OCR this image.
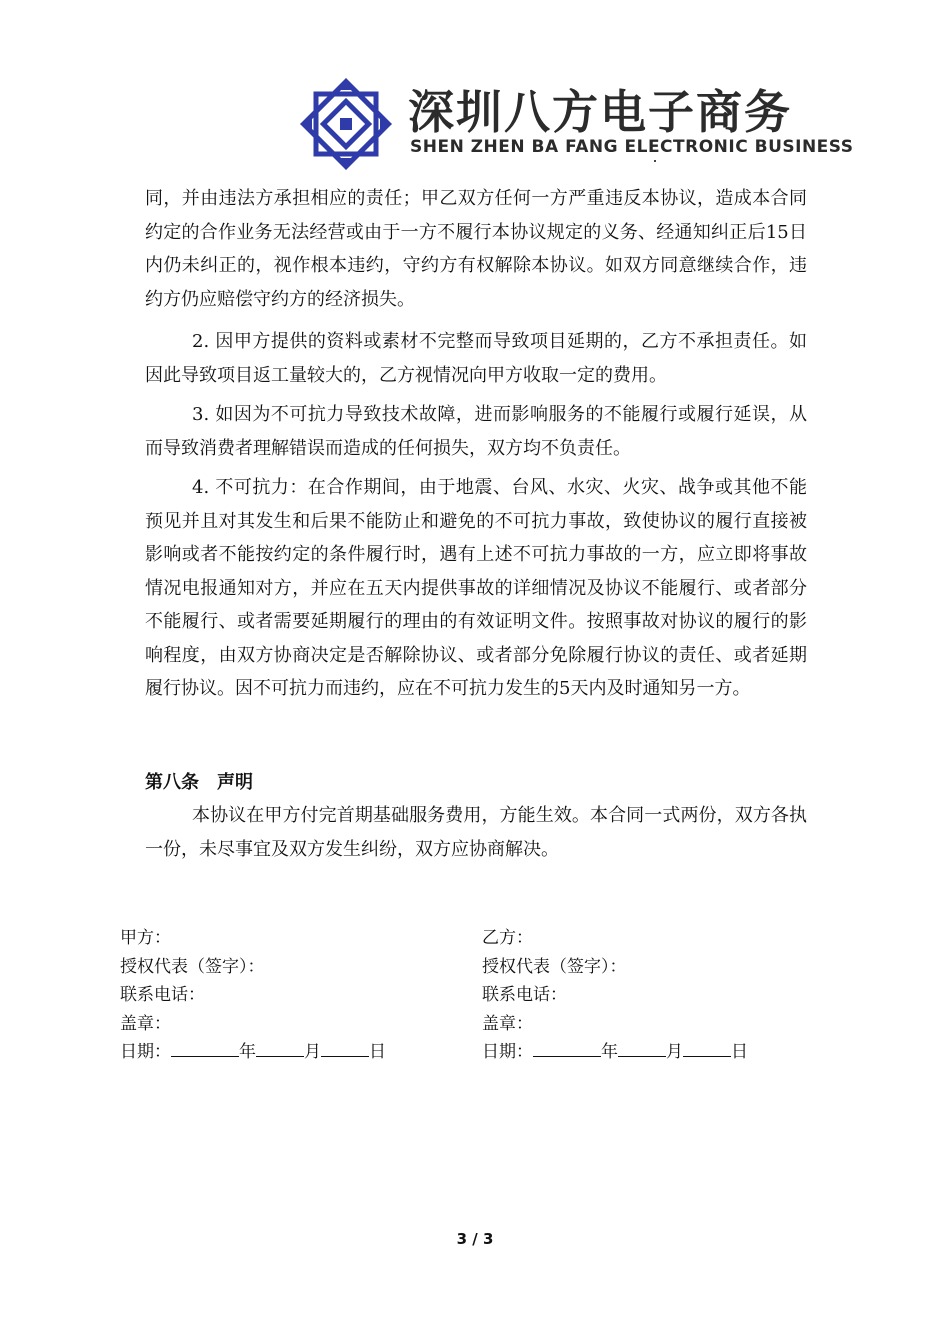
深圳八方电子商务
SHEN ZHEN BA FANG ELECTRONIC BUSINESS

同，并由违法方承担相应的责任；甲乙双方任何一方严重违反本协议，造成本合同约定的合作业务无法经营或由于一方不履行本协议规定的义务、经通知纠正后15日内仍未纠正的，视作根本违约，守约方有权解除本协议。如双方同意继续合作，违约方仍应赔偿守约方的经济损失。

2. 因甲方提供的资料或素材不完整而导致项目延期的，乙方不承担责任。如因此导致项目返工量较大的，乙方视情况向甲方收取一定的费用。

3. 如因为不可抗力导致技术故障，进而影响服务的不能履行或履行延误，从而导致消费者理解错误而造成的任何损失，双方均不负责任。

4. 不可抗力：在合作期间，由于地震、台风、水灾、火灾、战争或其他不能预见并且对其发生和后果不能防止和避免的不可抗力事故，致使协议的履行直接被影响或者不能按约定的条件履行时，遇有上述不可抗力事故的一方，应立即将事故情况电报通知对方，并应在五天内提供事故的详细情况及协议不能履行、或者部分不能履行、或者需要延期履行的理由的有效证明文件。按照事故对协议的履行的影响程度，由双方协商决定是否解除协议、或者部分免除履行协议的责任、或者延期履行协议。因不可抗力而违约，应在不可抗力发生的5天内及时通知另一方。

第八条　声明

本协议在甲方付完首期基础服务费用，方能生效。本合同一式两份，双方各执一份，未尽事宜及双方发生纠纷，双方应协商解决。

甲方：
授权代表（签字）：
联系电话：
盖章：
日期：	年	月	日
乙方：
授权代表（签字）：
联系电话：
盖章：
日期：	年	月	日
3 / 3
